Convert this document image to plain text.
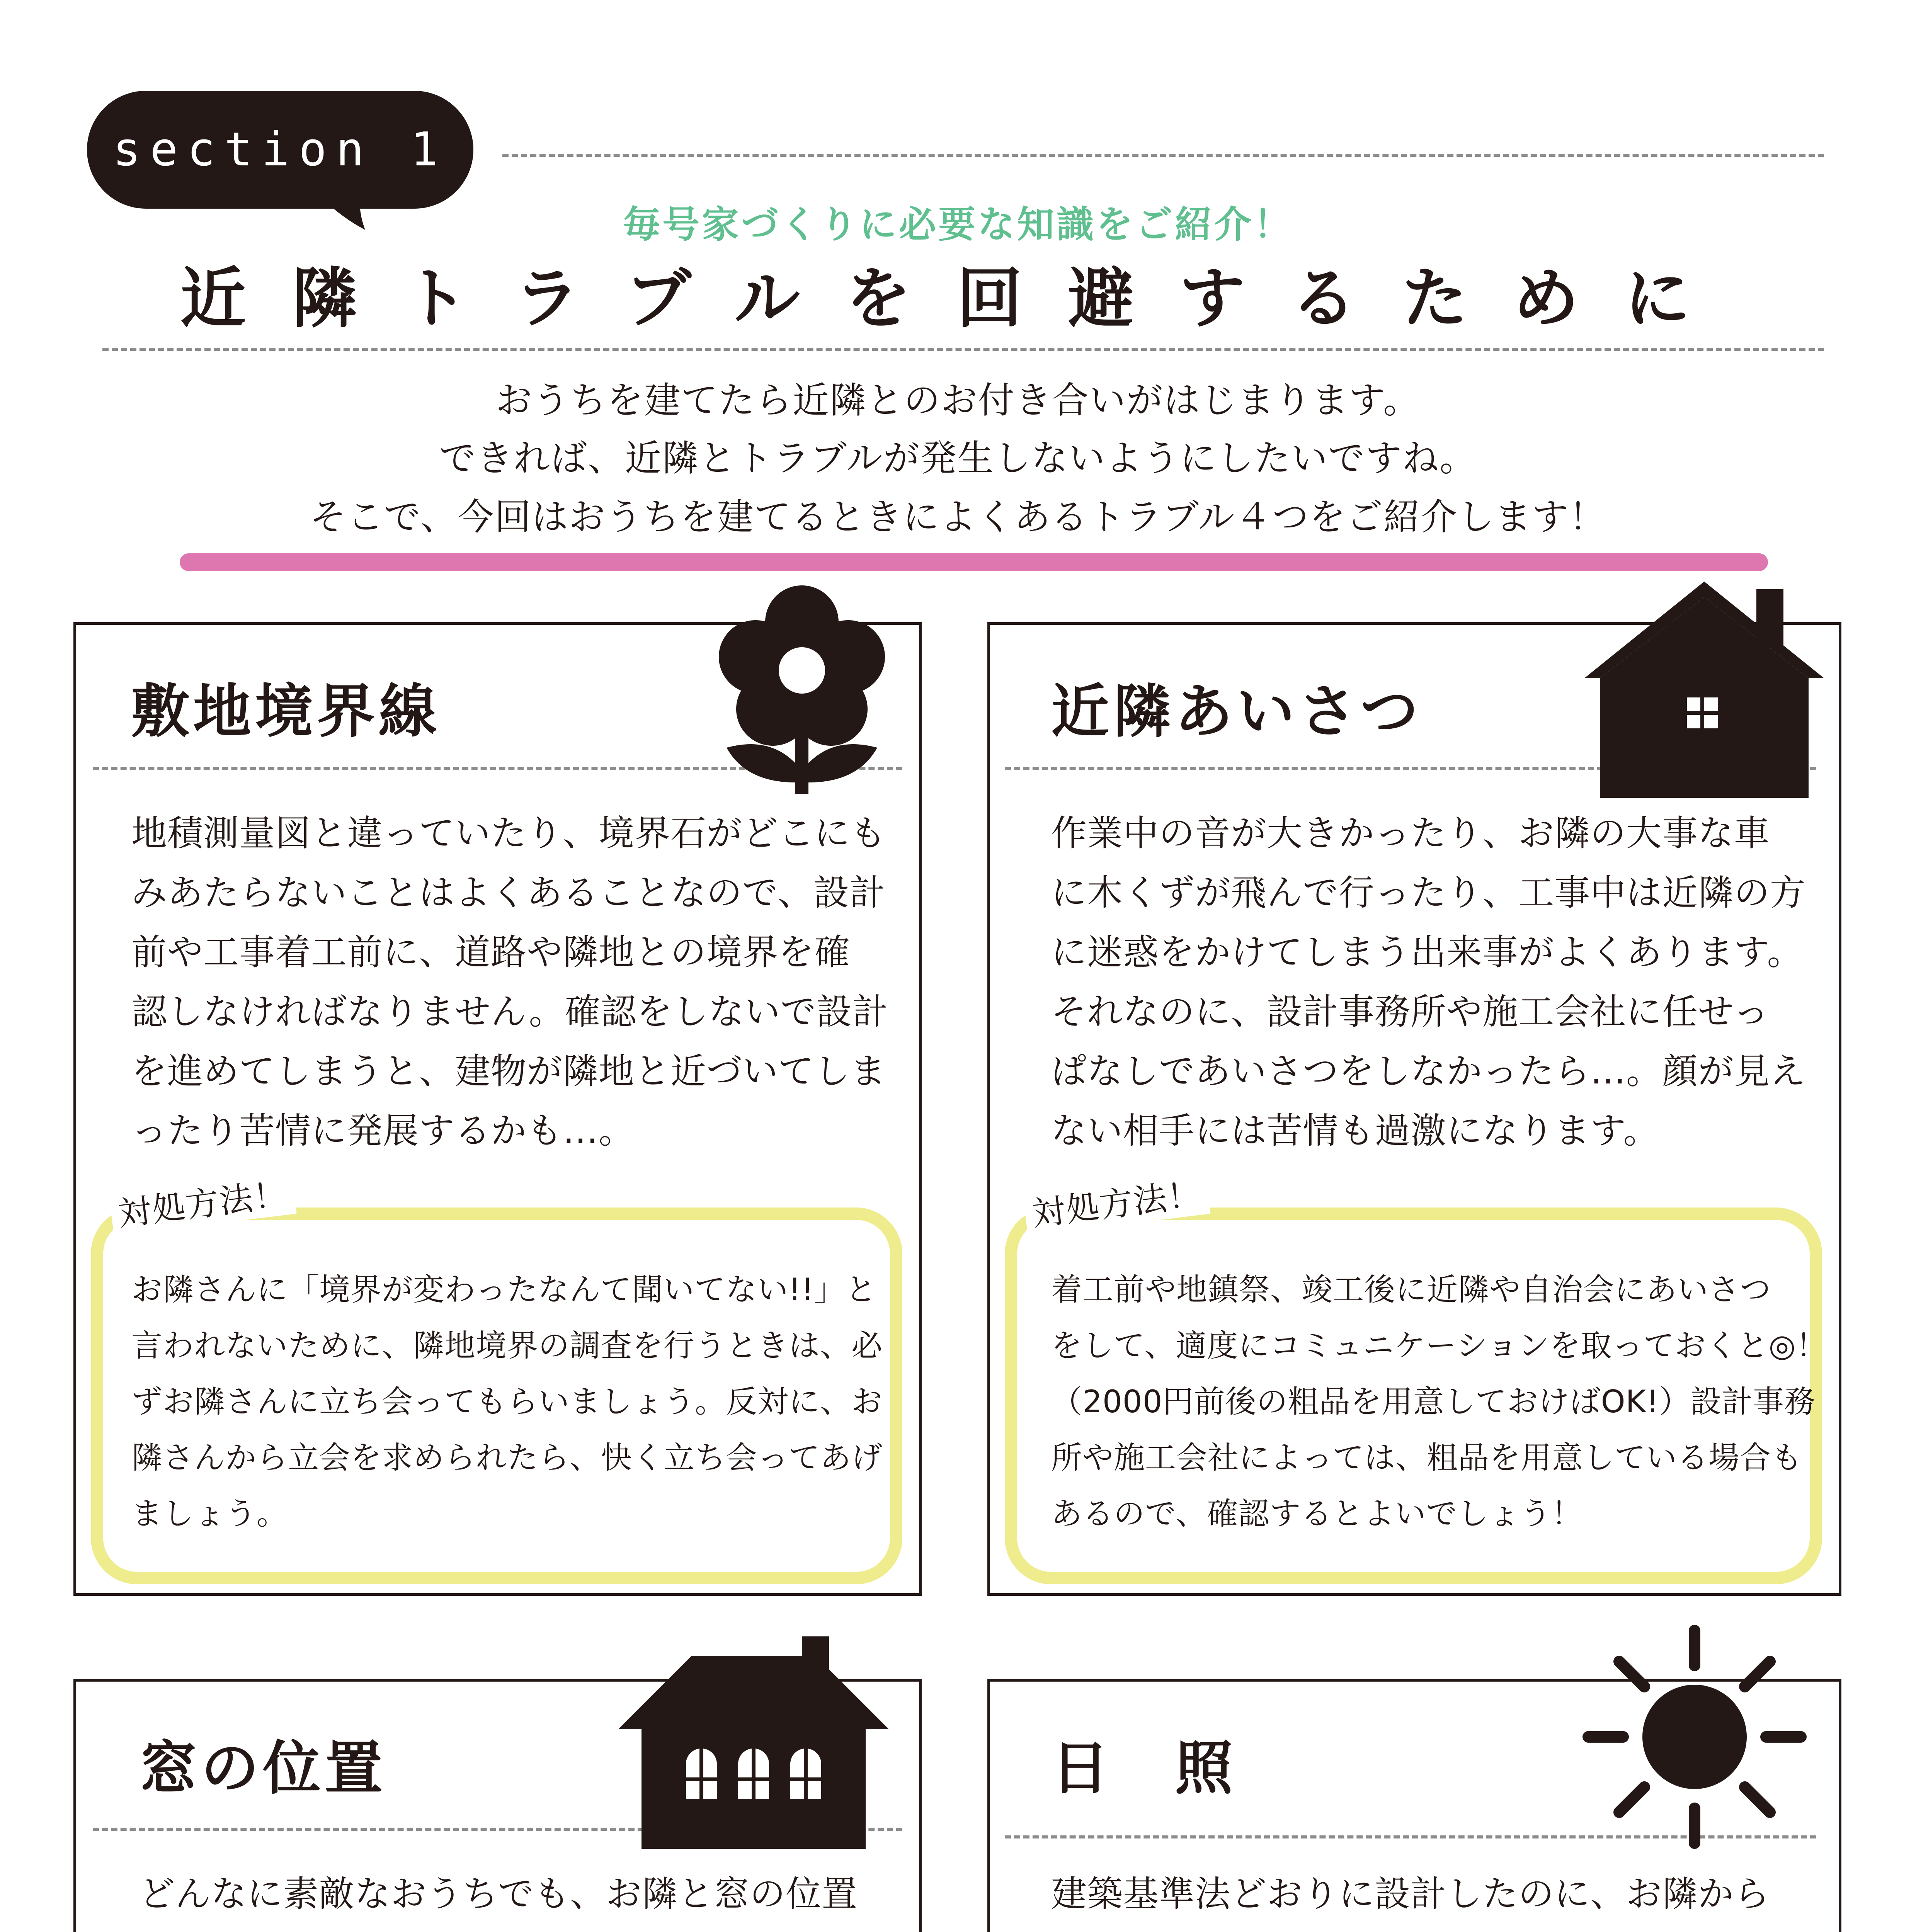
section 1
毎号家づくりに必要な知識をご紹介！
近隣トラブルを回避するために
おうちを建てたら近隣とのお付き合いがはじまります。
できれば、近隣とトラブルが発生しないようにしたいですね。
そこで、今回はおうちを建てるときによくあるトラブル４つをご紹介します！
敷地境界線
地積測量図と違っていたり、境界石がどこにも
みあたらないことはよくあることなので、設計
前や工事着工前に、道路や隣地との境界を確
認しなければなりません。確認をしないで設計
を進めてしまうと、建物が隣地と近づいてしま
ったり苦情に発展するかも…。
対処方法！
お隣さんに「境界が変わったなんて聞いてない!!」と
言われないために、隣地境界の調査を行うときは、必
ずお隣さんに立ち会ってもらいましょう。反対に、お
隣さんから立会を求められたら、快く立ち会ってあげ
ましょう。
近隣あいさつ
作業中の音が大きかったり、お隣の大事な車
に木くずが飛んで行ったり、工事中は近隣の方
に迷惑をかけてしまう出来事がよくあります。
それなのに、設計事務所や施工会社に任せっ
ぱなしであいさつをしなかったら…。顔が見え
ない相手には苦情も過激になります。
対処方法！
着工前や地鎮祭、竣工後に近隣や自治会にあいさつ
をして、適度にコミュニケーションを取っておくと◎！
（2000円前後の粗品を用意しておけばOK!）設計事務
所や施工会社によっては、粗品を用意している場合も
あるので、確認するとよいでしょう！
窓の位置
どんなに素敵なおうちでも、お隣と窓の位置
日　照
建築基準法どおりに設計したのに、お隣から
